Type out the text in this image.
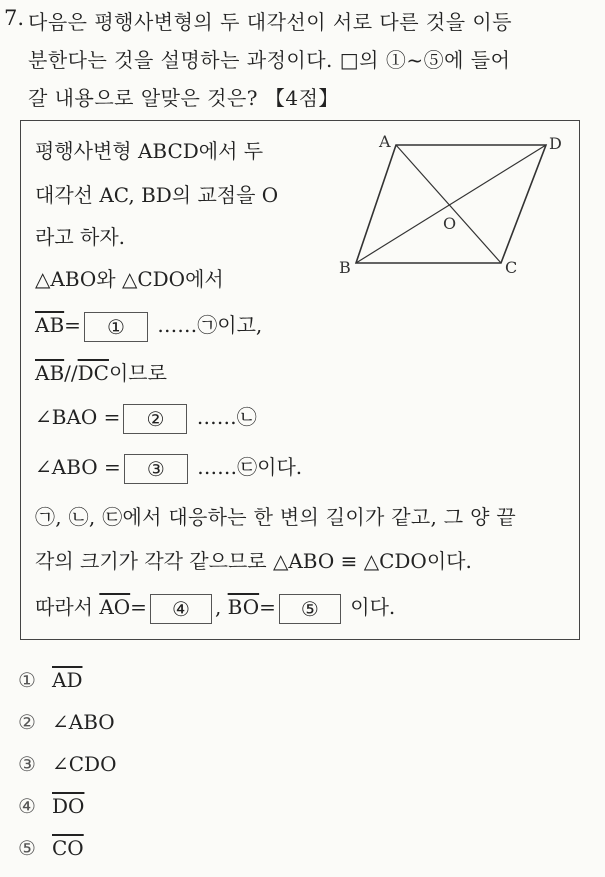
7. 다음은 평행사변형의 두 대각선이 서로 다른 것을 이등
분한다는 것을 설명하는 과정이다. □의 ①~⑤에 들어
갈 내용으로 알맞은 것은? 【4점】
평행사변형 ABCD에서 두
대각선 AC, BD의 교점을 O
라고 하자.
△ABO와 △CDO에서
$\overline{AB}=$ ① ……㉠이고,
$\overline{AB}//\overline{DC}$이므로
∠BAO = ② ……㉡
∠ABO = ③ ……㉢이다.
㉠, ㉡, ㉢에서 대응하는 한 변의 길이가 같고, 그 양 끝
각의 크기가 각각 같으므로 △ABO ≡ △CDO이다.
따라서 $\overline{AO}=$ ④ , $\overline{BO}=$ ⑤ 이다.
A	D
B	C
O
① $\overline{AD}$
② ∠ABO
③ ∠CDO
④ $\overline{DO}$
⑤ $\overline{CO}$
